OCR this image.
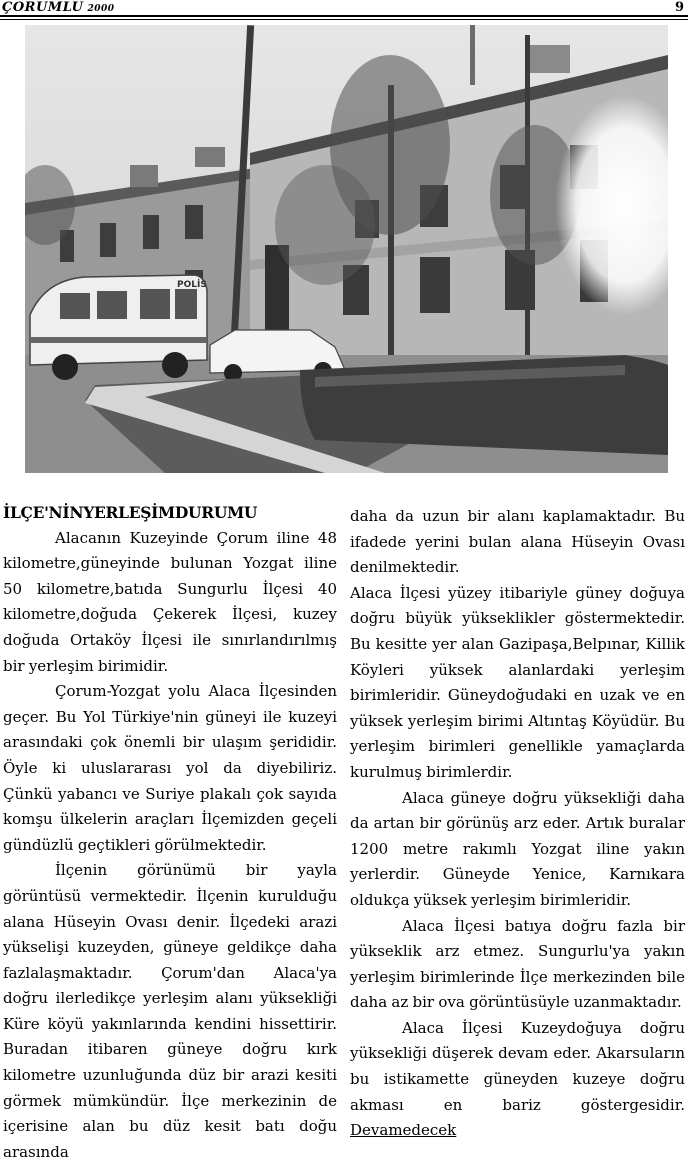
ÇORUMLU 2000	9
POLİS

İLÇE'NİNYERLEŞİMDURUMU

Alacanın Kuzeyinde Çorum iline 48 kilometre,güneyinde bulunan Yozgat iline 50 kilometre,batıda Sungurlu İlçesi 40 kilometre,doğuda Çekerek İlçesi, kuzey doğuda Ortaköy İlçesi ile sınırlandırılmış bir yerleşim birimidir.

Çorum-Yozgat yolu Alaca İlçesinden geçer. Bu Yol Türkiye'nin güneyi ile kuzeyi arasındaki çok önemli bir ulaşım şerididir. Öyle ki uluslararası yol da diyebiliriz. Çünkü yabancı ve Suriye plakalı çok sayıda komşu ülkelerin araçları İlçemizden geçeli gündüzlü geçtikleri görülmektedir.

İlçenin görünümü bir yayla görüntüsü vermektedir. İlçenin kurulduğu alana Hüseyin Ovası denir. İlçedeki arazi yükselişi kuzeyden, güneye geldikçe daha fazlalaşmaktadır. Çorum'dan Alaca'ya doğru ilerledikçe yerleşim alanı yüksekliği Küre köyü yakınlarında kendini hissettirir. Buradan itibaren güneye doğru kırk kilometre uzunluğunda düz bir arazi kesiti görmek mümkündür. İlçe merkezinin de içerisine alan bu düz kesit batı doğu arasında

daha da uzun bir alanı kaplamaktadır. Bu ifadede yerini bulan alana Hüseyin Ovası denilmektedir.

Alaca İlçesi yüzey itibariyle güney doğuya doğru büyük yükseklikler göstermektedir. Bu kesitte yer alan Gazipaşa,Belpınar, Killik Köyleri yüksek alanlardaki yerleşim birimleridir. Güneydoğudaki en uzak ve en yüksek yerleşim birimi Altıntaş Köyüdür. Bu yerleşim birimleri genellikle yamaçlarda kurulmuş birimlerdir.

Alaca güneye doğru yüksekliği daha da artan bir görünüş arz eder. Artık buralar 1200 metre rakımlı Yozgat iline yakın yerlerdir. Güneyde Yenice, Karnıkara oldukça yüksek yerleşim birimleridir.

Alaca İlçesi batıya doğru fazla bir yükseklik arz etmez. Sungurlu'ya yakın yerleşim birimlerinde İlçe merkezinden bile daha az bir ova görüntüsüyle uzanmaktadır.

Alaca İlçesi Kuzeydoğuya doğru yüksekliği düşerek devam eder. Akarsuların bu istikamette güneyden kuzeye doğru akması en bariz göstergesidir. Devamedecek
